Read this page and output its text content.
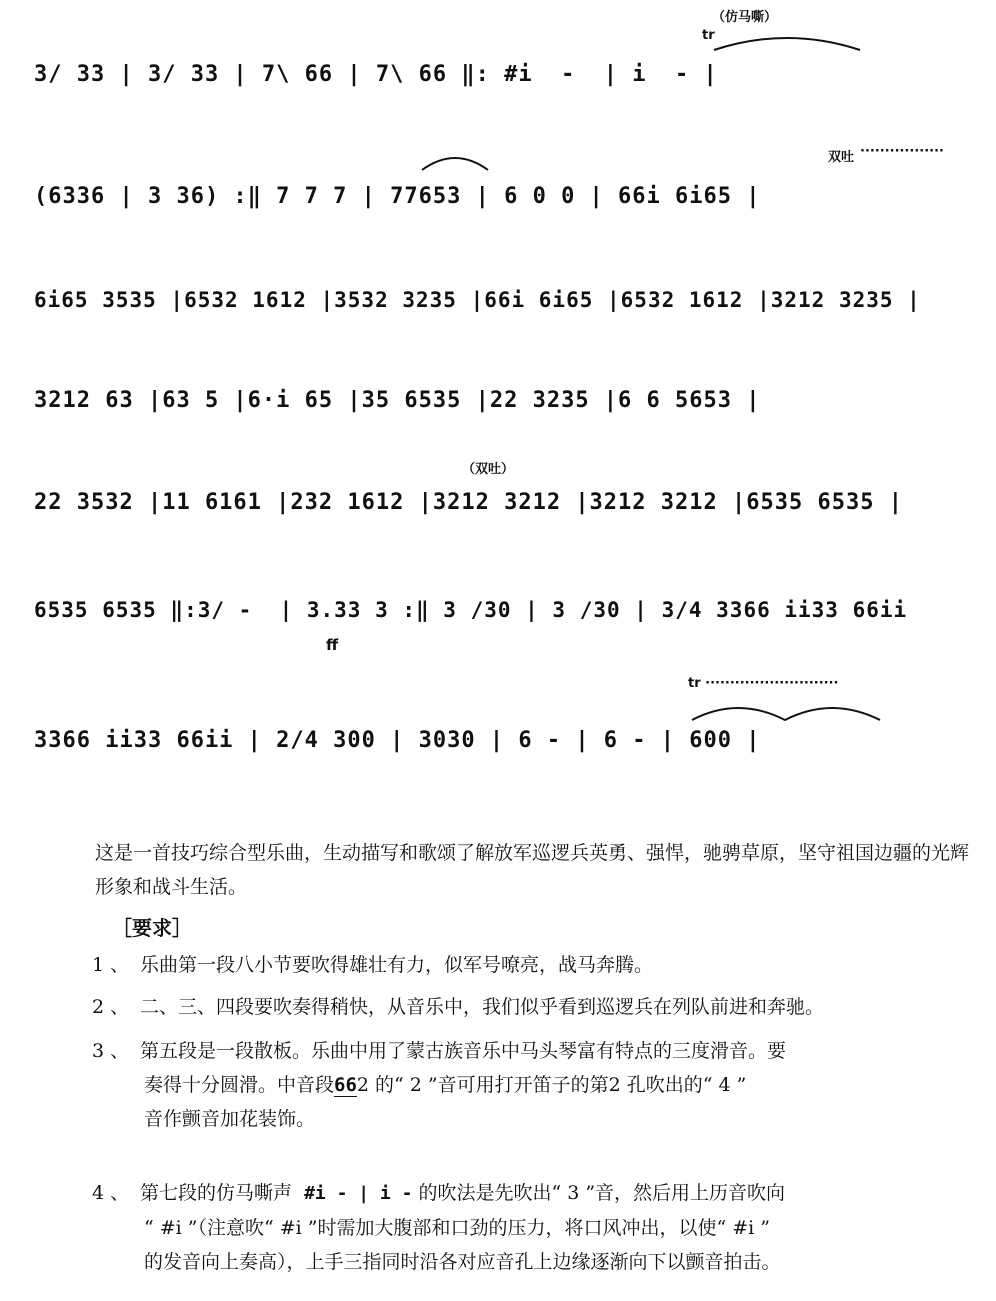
（仿马嘶）
tr
3/ 33 | 3/ 33 | 7\ 66 | 7\ 66 ‖: #i  -  | i  - |
双吐 ·················
(6336 | 3 36) :‖ 7 7 7 | 77653 | 6 0 0 | 66i 6i65 |
6i65 3535 |6532 1612 |3532 3235 |66i 6i65 |6532 1612 |3212 3235 |
3212 63 |63 5 |6·i 65 |35 6535 |22 3235 |6 6 5653 |
（双吐）
22 3532 |11 6161 |232 1612 |3212 3212 |3212 3212 |6535 6535 |
6535 6535 ‖:3/ -  | 3.33 3 :‖ 3 /30 | 3 /30 | 3/4 3366 ii33 66ii
ff
tr ···························
3366 ii33 66ii | 2/4 300 | 3030 | 6 - | 6 - | 600 |
这是一首技巧综合型乐曲，生动描写和歌颂了解放军巡逻兵英勇、强悍，驰骋草原，坚守祖国边疆的光辉形象和战斗生活。
［要求］
1 、 乐曲第一段八小节要吹得雄壮有力，似军号嘹亮，战马奔腾。
2 、 二、三、四段要吹奏得稍快，从音乐中，我们似乎看到巡逻兵在列队前进和奔驰。
3 、 第五段是一段散板。乐曲中用了蒙古族音乐中马头琴富有特点的三度滑音。要
奏得十分圆滑。中音段662 的“ 2 ”音可用打开笛子的第2 孔吹出的“ 4 ”
音作颤音加花装饰。
4 、 第七段的仿马嘶声 #i - | i - 的吹法是先吹出“ 3 ”音，然后用上历音吹向
“ #i ”（注意吹“ #i ”时需加大腹部和口劲的压力，将口风冲出，以使“ #i ”
的发音向上奏高），上手三指同时沿各对应音孔上边缘逐渐向下以颤音拍击。
